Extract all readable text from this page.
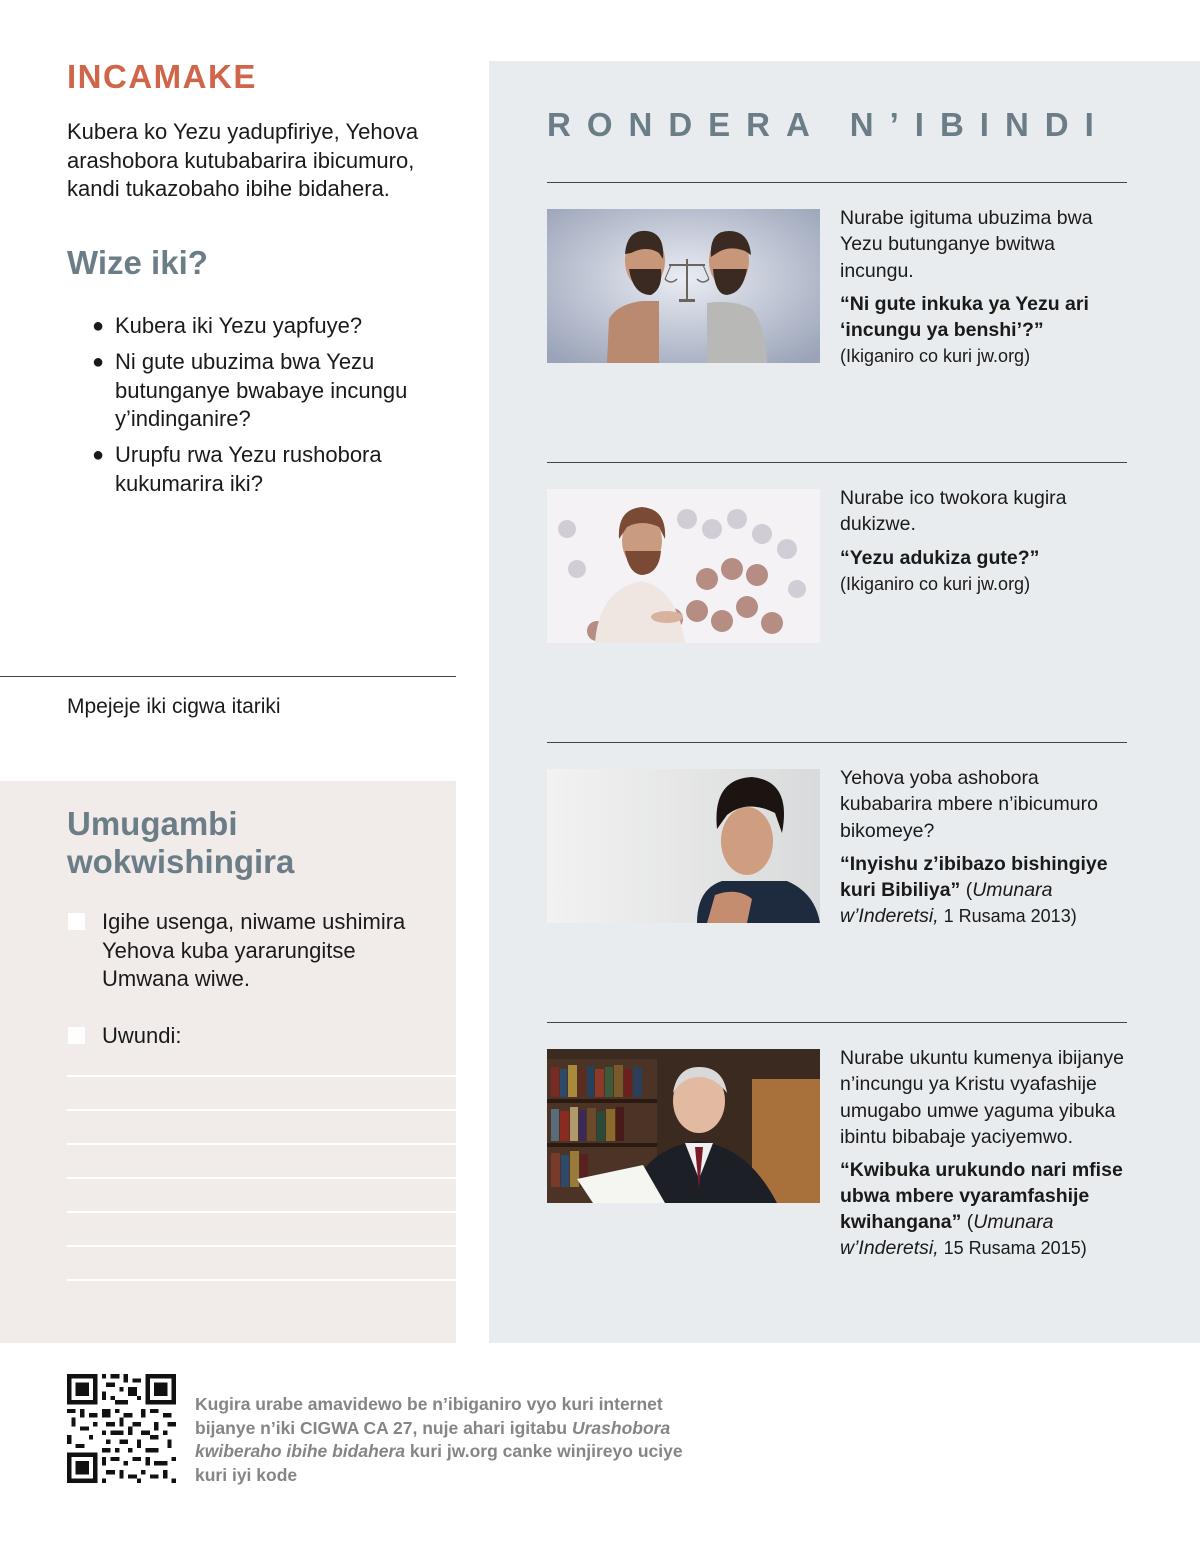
INCAMAKE

Kubera ko Yezu yadupfiriye, Yehova arashobora kutubabarira ibicumuro, kandi tukazobaho ibihe bidahera.

Wize iki?
● Kubera iki Yezu yapfuye?
● Ni gute ubuzima bwa Yezu butunganye bwabaye incungu y’indinganire?
● Urupfu rwa Yezu rushobora kukumarira iki?
Mpejeje iki cigwa itariki
Umugambi wokwishingira
Igihe usenga, niwame ushimira Yehova kuba yararungitse Umwana wiwe.
Uwundi:
RONDERA N’IBINDI
Nurabe igituma ubuzima bwa Yezu butunganye bwitwa incungu.
“Ni gute inkuka ya Yezu ari ‘incungu ya benshi’?”
(Ikiganiro co kuri jw.org)
Nurabe ico twokora kugira dukizwe.
“Yezu adukiza gute?”
(Ikiganiro co kuri jw.org)
Yehova yoba ashobora kubabarira mbere n’ibicumuro bikomeye?
“Inyishu z’ibibazo bishingiye kuri Bibiliya” (Umunara w’Inderetsi, 1 Rusama 2013)
Nurabe ukuntu kumenya ibijanye n’incungu ya Kristu vyafashije umugabo umwe yaguma yibuka ibintu bibabaje yaciyemwo.
“Kwibuka urukundo nari mfise ubwa mbere vyaramfashije kwihangana” (Umunara w’Inderetsi, 15 Rusama 2015)

Kugira urabe amavidewo be n’ibiganiro vyo kuri internet bijanye n’iki CIGWA CA 27, nuje ahari igitabu Urashobora kwiberaho ibihe bidahera kuri jw.org canke winjireyo uciye kuri iyi kode
